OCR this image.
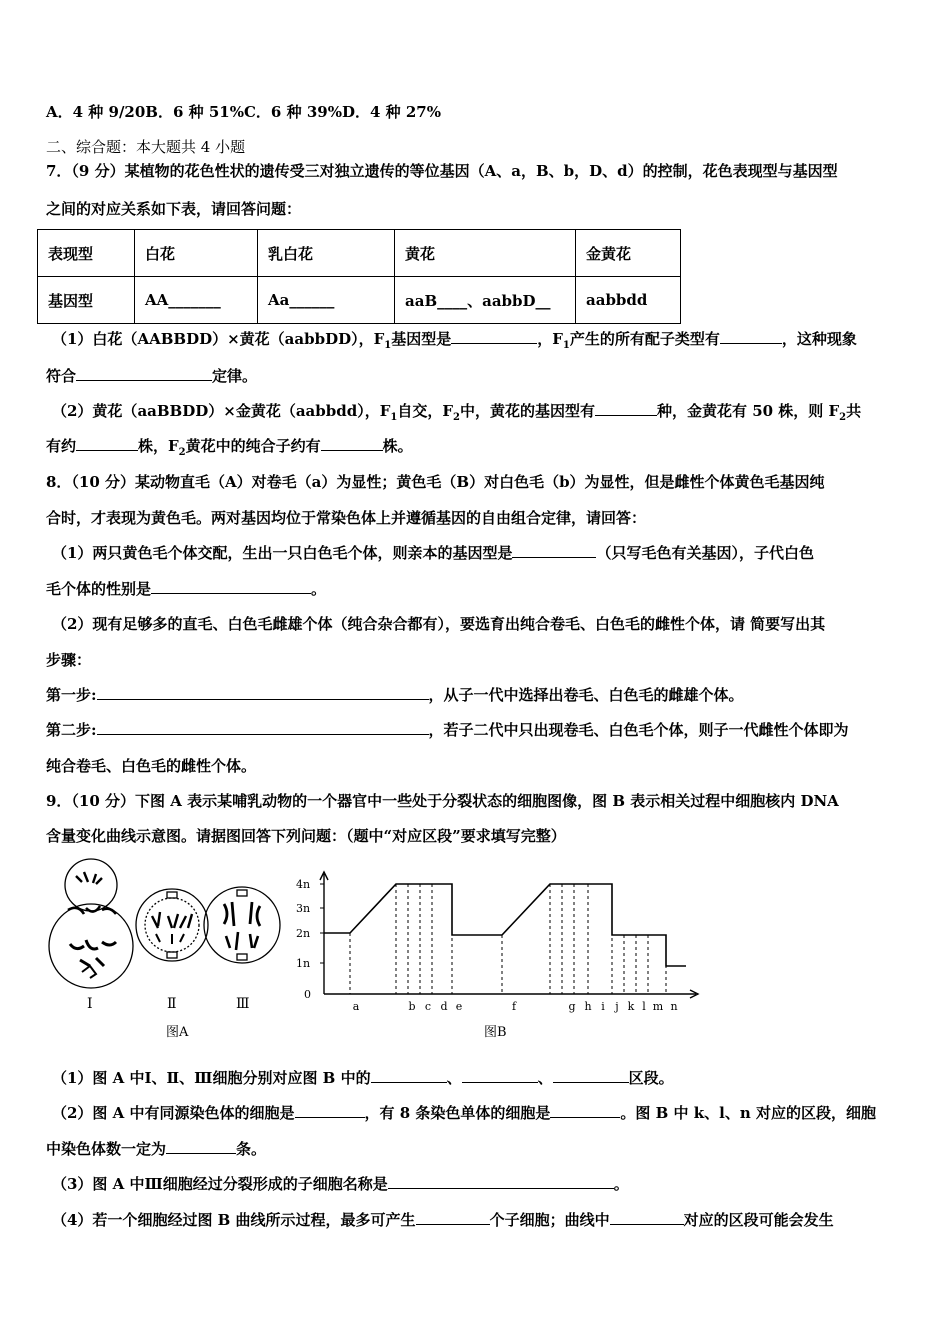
A．4 种 9/20B．6 种 51%C．6 种 39%D．4 种 27%
二、综合题：本大题共 4 小题
7．（9 分）某植物的花色性状的遗传受三对独立遗传的等位基因（A、a，B、b，D、d）的控制，花色表现型与基因型
之间的对应关系如下表，请回答问题：
表现型	白花	乳白花	黄花	金黄花
基因型	AA_______	Aa______	aaB____、aabbD__	aabbdd
（1）白花（AABBDD）×黄花（aabbDD），$F_1$基因型是	，$F_1$产生的所有配子类型有	，这种现象
符合	定律。
（2）黄花（aaBBDD）×金黄花（aabbdd），$F_1$自交，$F_2$中，黄花的基因型有	种，金黄花有 50 株，则 $F_2$共
有约	株，$F_2$黄花中的纯合子约有	株。
8．（10 分）某动物直毛（A）对卷毛（a）为显性；黄色毛（B）对白色毛（b）为显性，但是雌性个体黄色毛基因纯
合时，才表现为黄色毛。两对基因均位于常染色体上并遵循基因的自由组合定律，请回答：
（1）两只黄色毛个体交配，生出一只白色毛个体，则亲本的基因型是	（只写毛色有关基因），子代白色
毛个体的性别是	。
（2）现有足够多的直毛、白色毛雌雄个体（纯合杂合都有），要选育出纯合卷毛、白色毛的雌性个体，请 简要写出其
步骤：
第一步:	，从子一代中选择出卷毛、白色毛的雌雄个体。
第二步:	，若子二代中只出现卷毛、白色毛个体，则子一代雌性个体即为
纯合卷毛、白色毛的雌性个体。
9．（10 分）下图 A 表示某哺乳动物的一个器官中一些处于分裂状态的细胞图像，图 B 表示相关过程中细胞核内 DNA
含量变化曲线示意图。请据图回答下列问题：（题中“对应区段”要求填写完整）
Ⅰ	Ⅱ	Ⅲ
图A
4n
3n
2n
1n
0
a	b c d e	f	g h i j k l m n
图B
（1）图 A 中Ⅰ、Ⅱ、Ⅲ细胞分别对应图 B 中的	、	、	区段。
（2）图 A 中有同源染色体的细胞是	，有 8 条染色单体的细胞是	。图 B 中 k、l、n 对应的区段，细胞
中染色体数一定为	条。
（3）图 A 中Ⅲ细胞经过分裂形成的子细胞名称是	。
（4）若一个细胞经过图 B 曲线所示过程，最多可产生	个子细胞；曲线中	对应的区段可能会发生
